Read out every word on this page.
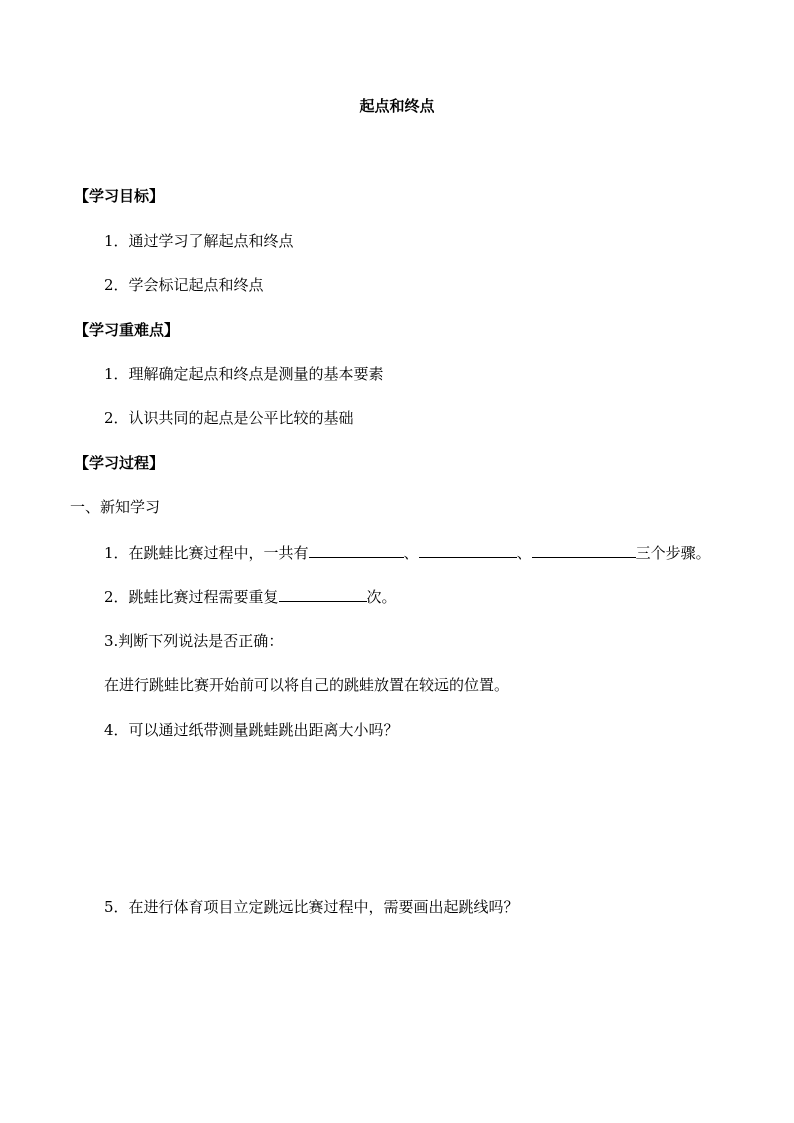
起点和终点
【学习目标】
1．通过学习了解起点和终点
2．学会标记起点和终点
【学习重难点】
1．理解确定起点和终点是测量的基本要素
2．认识共同的起点是公平比较的基础
【学习过程】
一、新知学习
1．在跳蛙比赛过程中，一共有	、	、	三个步骤。
2．跳蛙比赛过程需要重复	次。
3.判断下列说法是否正确：
在进行跳蛙比赛开始前可以将自己的跳蛙放置在较远的位置。
4．可以通过纸带测量跳蛙跳出距离大小吗？
5．在进行体育项目立定跳远比赛过程中，需要画出起跳线吗？
